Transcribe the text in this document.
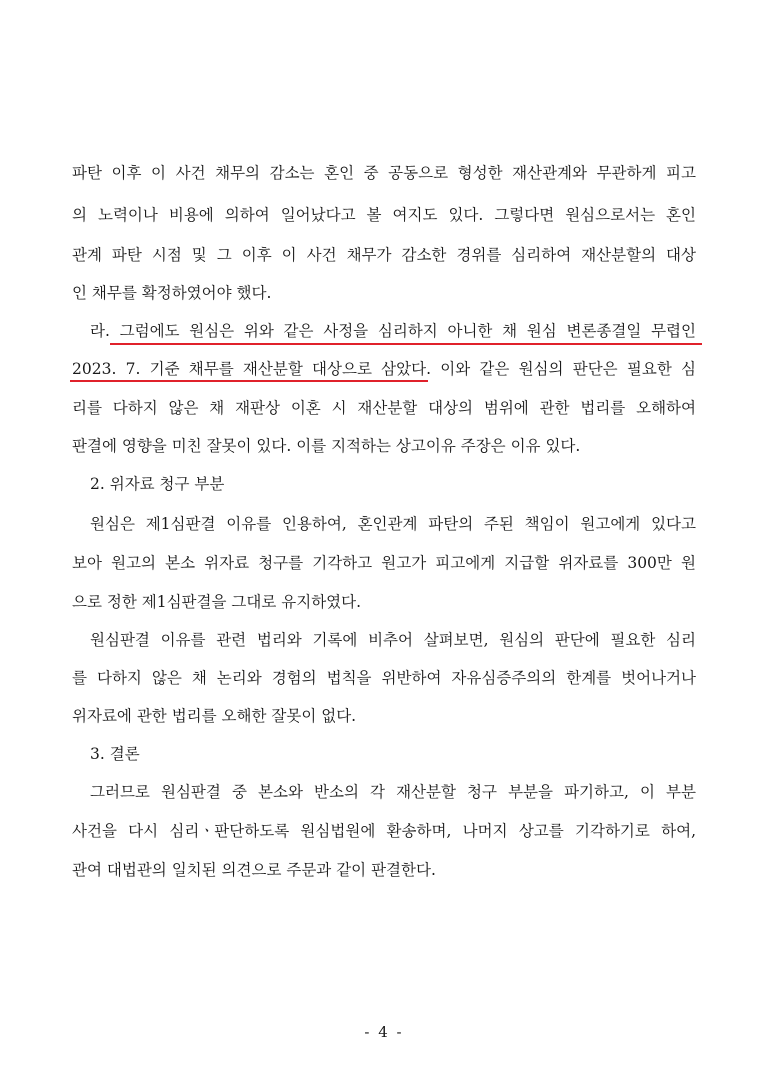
파탄 이후 이 사건 채무의 감소는 혼인 중 공동으로 형성한 재산관계와 무관하게 피고
의 노력이나 비용에 의하여 일어났다고 볼 여지도 있다. 그렇다면 원심으로서는 혼인
관계 파탄 시점 및 그 이후 이 사건 채무가 감소한 경위를 심리하여 재산분할의 대상
인 채무를 확정하였어야 했다.
라. 그럼에도 원심은 위와 같은 사정을 심리하지 아니한 채 원심 변론종결일 무렵인
2023. 7. 기준 채무를 재산분할 대상으로 삼았다. 이와 같은 원심의 판단은 필요한 심
리를 다하지 않은 채 재판상 이혼 시 재산분할 대상의 범위에 관한 법리를 오해하여
판결에 영향을 미친 잘못이 있다. 이를 지적하는 상고이유 주장은 이유 있다.
2. 위자료 청구 부분
원심은 제1심판결 이유를 인용하여, 혼인관계 파탄의 주된 책임이 원고에게 있다고
보아 원고의 본소 위자료 청구를 기각하고 원고가 피고에게 지급할 위자료를 300만 원
으로 정한 제1심판결을 그대로 유지하였다.
원심판결 이유를 관련 법리와 기록에 비추어 살펴보면, 원심의 판단에 필요한 심리
를 다하지 않은 채 논리와 경험의 법칙을 위반하여 자유심증주의의 한계를 벗어나거나
위자료에 관한 법리를 오해한 잘못이 없다.
3. 결론
그러므로 원심판결 중 본소와 반소의 각 재산분할 청구 부분을 파기하고, 이 부분
사건을 다시 심리ㆍ판단하도록 원심법원에 환송하며, 나머지 상고를 기각하기로 하여,
관여 대법관의 일치된 의견으로 주문과 같이 판결한다.
- 4 -
